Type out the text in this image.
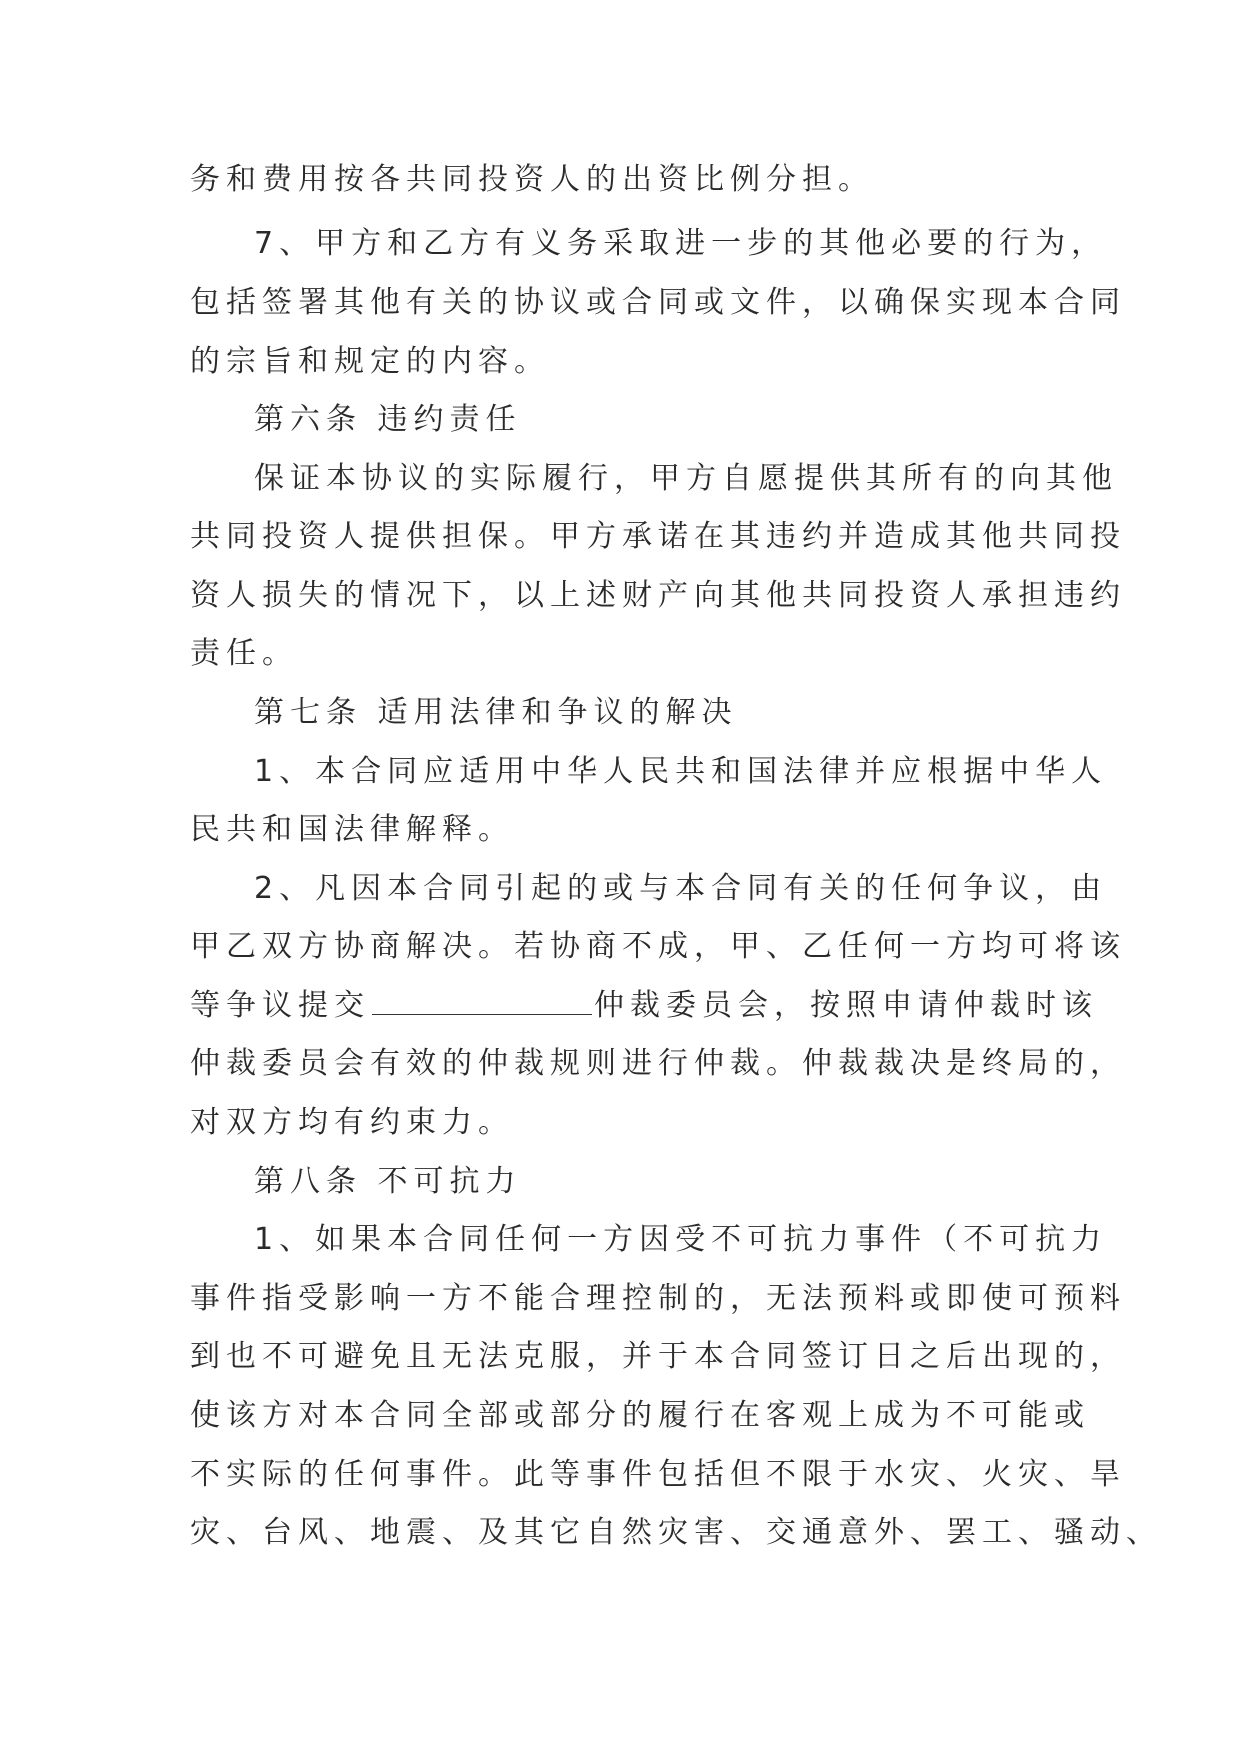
务和费用按各共同投资人的出资比例分担。

7、甲方和乙方有义务采取进一步的其他必要的行为，

包括签署其他有关的协议或合同或文件，以确保实现本合同

的宗旨和规定的内容。

第六条 违约责任

保证本协议的实际履行，甲方自愿提供其所有的向其他

共同投资人提供担保。甲方承诺在其违约并造成其他共同投

资人损失的情况下，以上述财产向其他共同投资人承担违约

责任。

第七条 适用法律和争议的解决

1、本合同应适用中华人民共和国法律并应根据中华人

民共和国法律解释。

2、凡因本合同引起的或与本合同有关的任何争议，由

甲乙双方协商解决。若协商不成，甲、乙任何一方均可将该

等争议提交	仲裁委员会，按照申请仲裁时该

仲裁委员会有效的仲裁规则进行仲裁。仲裁裁决是终局的，

对双方均有约束力。

第八条 不可抗力

1、如果本合同任何一方因受不可抗力事件（不可抗力

事件指受影响一方不能合理控制的，无法预料或即使可预料

到也不可避免且无法克服，并于本合同签订日之后出现的，

使该方对本合同全部或部分的履行在客观上成为不可能或

不实际的任何事件。此等事件包括但不限于水灾、火灾、旱

灾、台风、地震、及其它自然灾害、交通意外、罢工、骚动、
